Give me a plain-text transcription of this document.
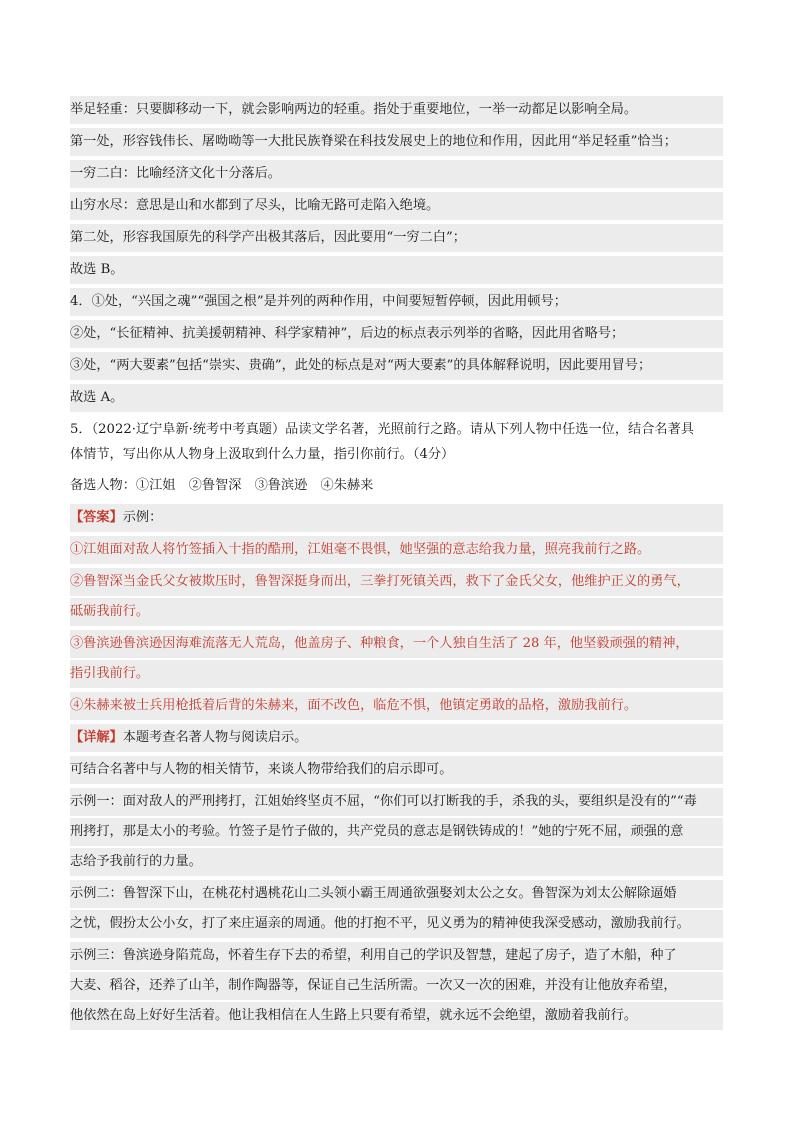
举足轻重：只要脚移动一下，就会影响两边的轻重。指处于重要地位，一举一动都足以影响全局。
第一处，形容钱伟长、屠呦呦等一大批民族脊梁在科技发展史上的地位和作用，因此用“举足轻重”恰当；
一穷二白：比喻经济文化十分落后。
山穷水尽：意思是山和水都到了尽头，比喻无路可走陷入绝境。
第二处，形容我国原先的科学产出极其落后，因此要用“一穷二白”；
故选 B。
4．①处，“兴国之魂”“强国之根”是并列的两种作用，中间要短暂停顿，因此用顿号；
②处，“长征精神、抗美援朝精神、科学家精神”，后边的标点表示列举的省略，因此用省略号；
③处，“两大要素”包括“崇实、贵确”，此处的标点是对“两大要素”的具体解释说明，因此要用冒号；
故选 A。
5．（2022·辽宁阜新·统考中考真题）品读文学名著，光照前行之路。请从下列人物中任选一位，结合名著具
体情节，写出你从人物身上汲取到什么力量，指引你前行。（4分）
备选人物：①江姐　②鲁智深　③鲁滨逊　④朱赫来
【答案】示例：
①江姐面对敌人将竹签插入十指的酷刑，江姐毫不畏惧，她坚强的意志给我力量，照亮我前行之路。
②鲁智深当金氏父女被欺压时，鲁智深挺身而出，三拳打死镇关西，救下了金氏父女，他维护正义的勇气，
砥砺我前行。
③鲁滨逊鲁滨逊因海难流落无人荒岛，他盖房子、种粮食，一个人独自生活了 28 年，他坚毅顽强的精神，
指引我前行。
④朱赫来被士兵用枪抵着后背的朱赫来，面不改色，临危不惧，他镇定勇敢的品格，激励我前行。
【详解】本题考查名著人物与阅读启示。
可结合名著中与人物的相关情节，来谈人物带给我们的启示即可。
示例一：面对敌人的严刑拷打，江姐始终坚贞不屈，“你们可以打断我的手，杀我的头，要组织是没有的”“毒
刑拷打，那是太小的考验。竹签子是竹子做的，共产党员的意志是钢铁铸成的！”她的宁死不屈，顽强的意
志给予我前行的力量。
示例二：鲁智深下山，在桃花村遇桃花山二头领小霸王周通欲强娶刘太公之女。鲁智深为刘太公解除逼婚
之忧，假扮太公小女，打了来庄逼亲的周通。他的打抱不平，见义勇为的精神使我深受感动，激励我前行。
示例三：鲁滨逊身陷荒岛，怀着生存下去的希望，利用自己的学识及智慧，建起了房子，造了木船，种了
大麦、稻谷，还养了山羊，制作陶器等，保证自己生活所需。一次又一次的困难，并没有让他放弃希望，
他依然在岛上好好生活着。他让我相信在人生路上只要有希望，就永远不会绝望，激励着我前行。
